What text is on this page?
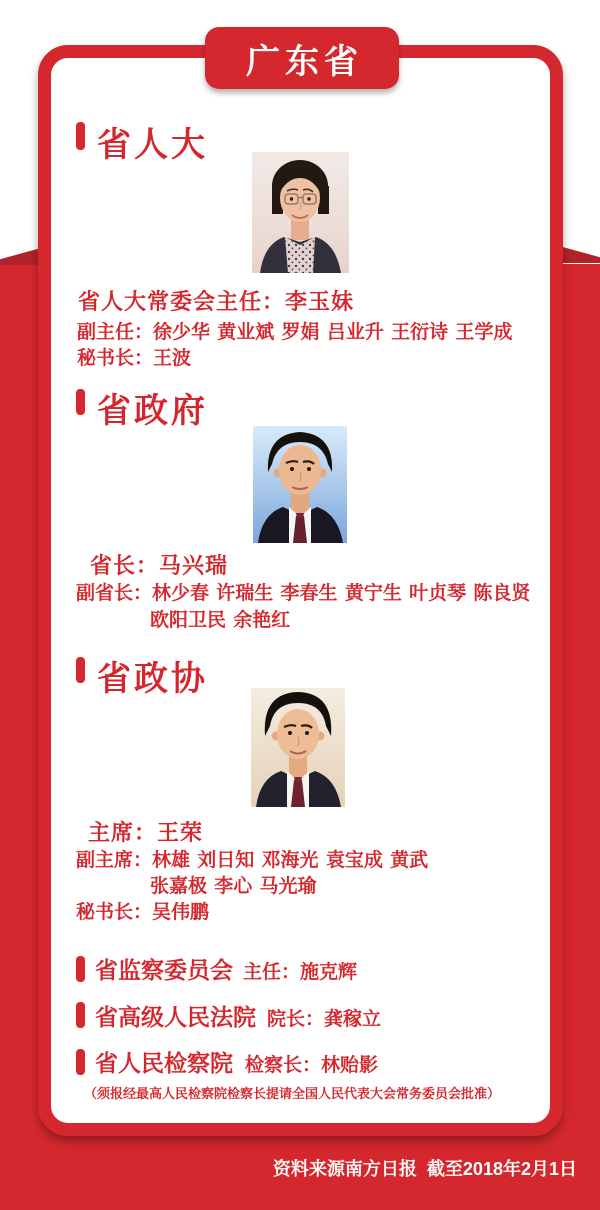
广东省
省人大
省人大常委会主任：李玉妹
副主任：徐少华 黄业斌 罗娟 吕业升 王衍诗 王学成
秘书长：王波
省政府
省长：马兴瑞
副省长：林少春 许瑞生 李春生 黄宁生 叶贞琴 陈良贤
欧阳卫民 余艳红
省政协
主席：王荣
副主席：林雄 刘日知 邓海光 袁宝成 黄武
张嘉极 李心 马光瑜
秘书长：吴伟鹏
省监察委员会 主任：施克辉
省高级人民法院 院长：龚稼立
省人民检察院 检察长：林贻影
（须报经最高人民检察院检察长提请全国人民代表大会常务委员会批准）
资料来源南方日报  截至2018年2月1日
